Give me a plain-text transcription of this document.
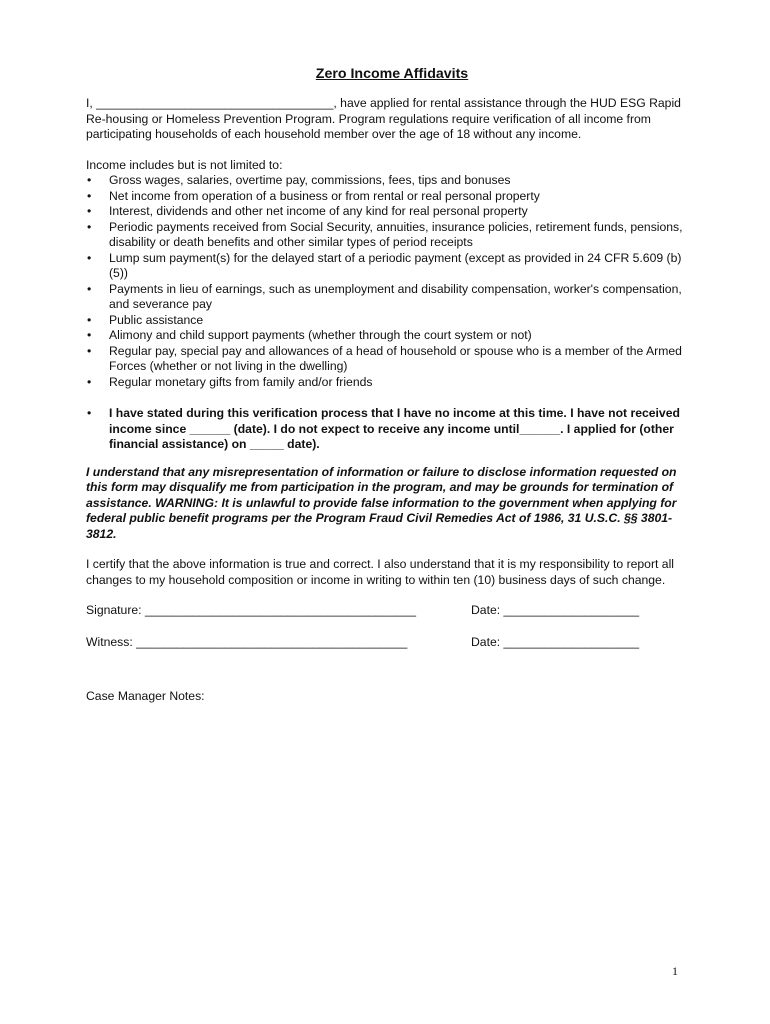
Zero Income Affidavits

I, ___________________________________, have applied for rental assistance through the HUD ESG Rapid Re-housing or Homeless Prevention Program. Program regulations require verification of all income from participating households of each household member over the age of 18 without any income.

Income includes but is not limited to:

• Gross wages, salaries, overtime pay, commissions, fees, tips and bonuses
• Net income from operation of a business or from rental or real personal property
• Interest, dividends and other net income of any kind for real personal property
• Periodic payments received from Social Security, annuities, insurance policies, retirement funds, pensions, disability or death benefits and other similar types of period receipts
• Lump sum payment(s) for the delayed start of a periodic payment (except as provided in 24 CFR 5.609 (b)(5))
• Payments in lieu of earnings, such as unemployment and disability compensation, worker's compensation, and severance pay
• Public assistance
• Alimony and child support payments (whether through the court system or not)
• Regular pay, special pay and allowances of a head of household or spouse who is a member of the Armed Forces (whether or not living in the dwelling)
• Regular monetary gifts from family and/or friends
• I have stated during this verification process that I have no income at this time. I have not received income since ______ (date). I do not expect to receive any income until______. I applied for (other financial assistance) on _____ date).

I understand that any misrepresentation of information or failure to disclose information requested on this form may disqualify me from participation in the program, and may be grounds for termination of assistance. WARNING: It is unlawful to provide false information to the government when applying for federal public benefit programs per the Program Fraud Civil Remedies Act of 1986, 31 U.S.C. §§ 3801-3812.

I certify that the above information is true and correct. I also understand that it is my responsibility to report all changes to my household composition or income in writing to within ten (10) business days of such change.

Signature: ________________________________________	Date: ____________________
Witness: ________________________________________	Date: ____________________

Case Manager Notes:

1
